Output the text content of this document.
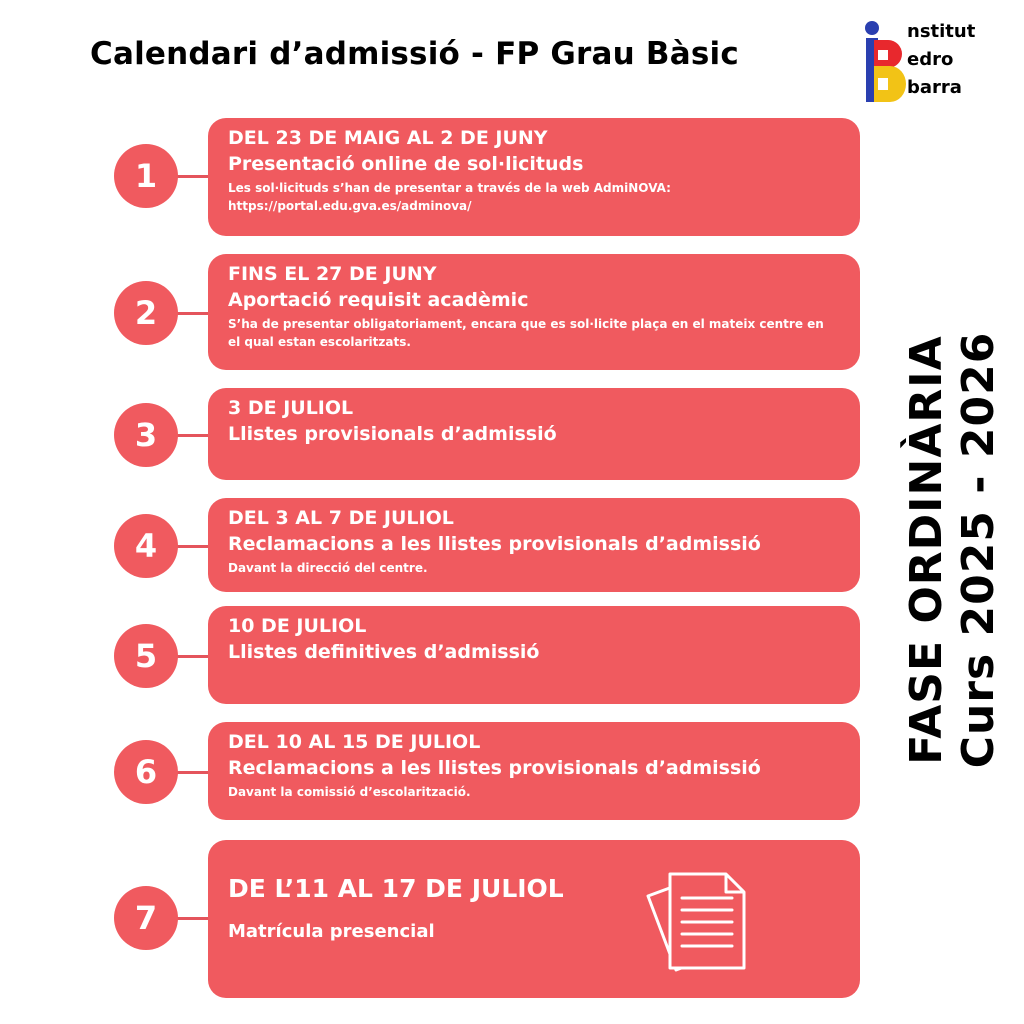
Calendari d’admissió - FP Grau Bàsic
nstitut
edro
barra
1
DEL 23 DE MAIG AL 2 DE JUNY
Presentació online de sol·licituds
Les sol·licituds s’han de presentar a través de la web AdmiNOVA: https://portal.edu.gva.es/adminova/
2
FINS EL 27 DE JUNY
Aportació requisit acadèmic
S’ha de presentar obligatoriament, encara que es sol·licite plaça en el mateix centre en el qual estan escolaritzats.
3
3 DE JULIOL
Llistes provisionals d’admissió
4
DEL 3 AL 7 DE JULIOL
Reclamacions a les llistes provisionals d’admissió
Davant la direcció del centre.
5
10 DE JULIOL
Llistes definitives d’admissió
6
DEL 10 AL 15 DE JULIOL
Reclamacions a les llistes provisionals d’admissió
Davant la comissió d’escolarització.
7
DE L’11 AL 17 DE JULIOL
Matrícula presencial
FASE ORDINÀRIA Curs 2025 - 2026
